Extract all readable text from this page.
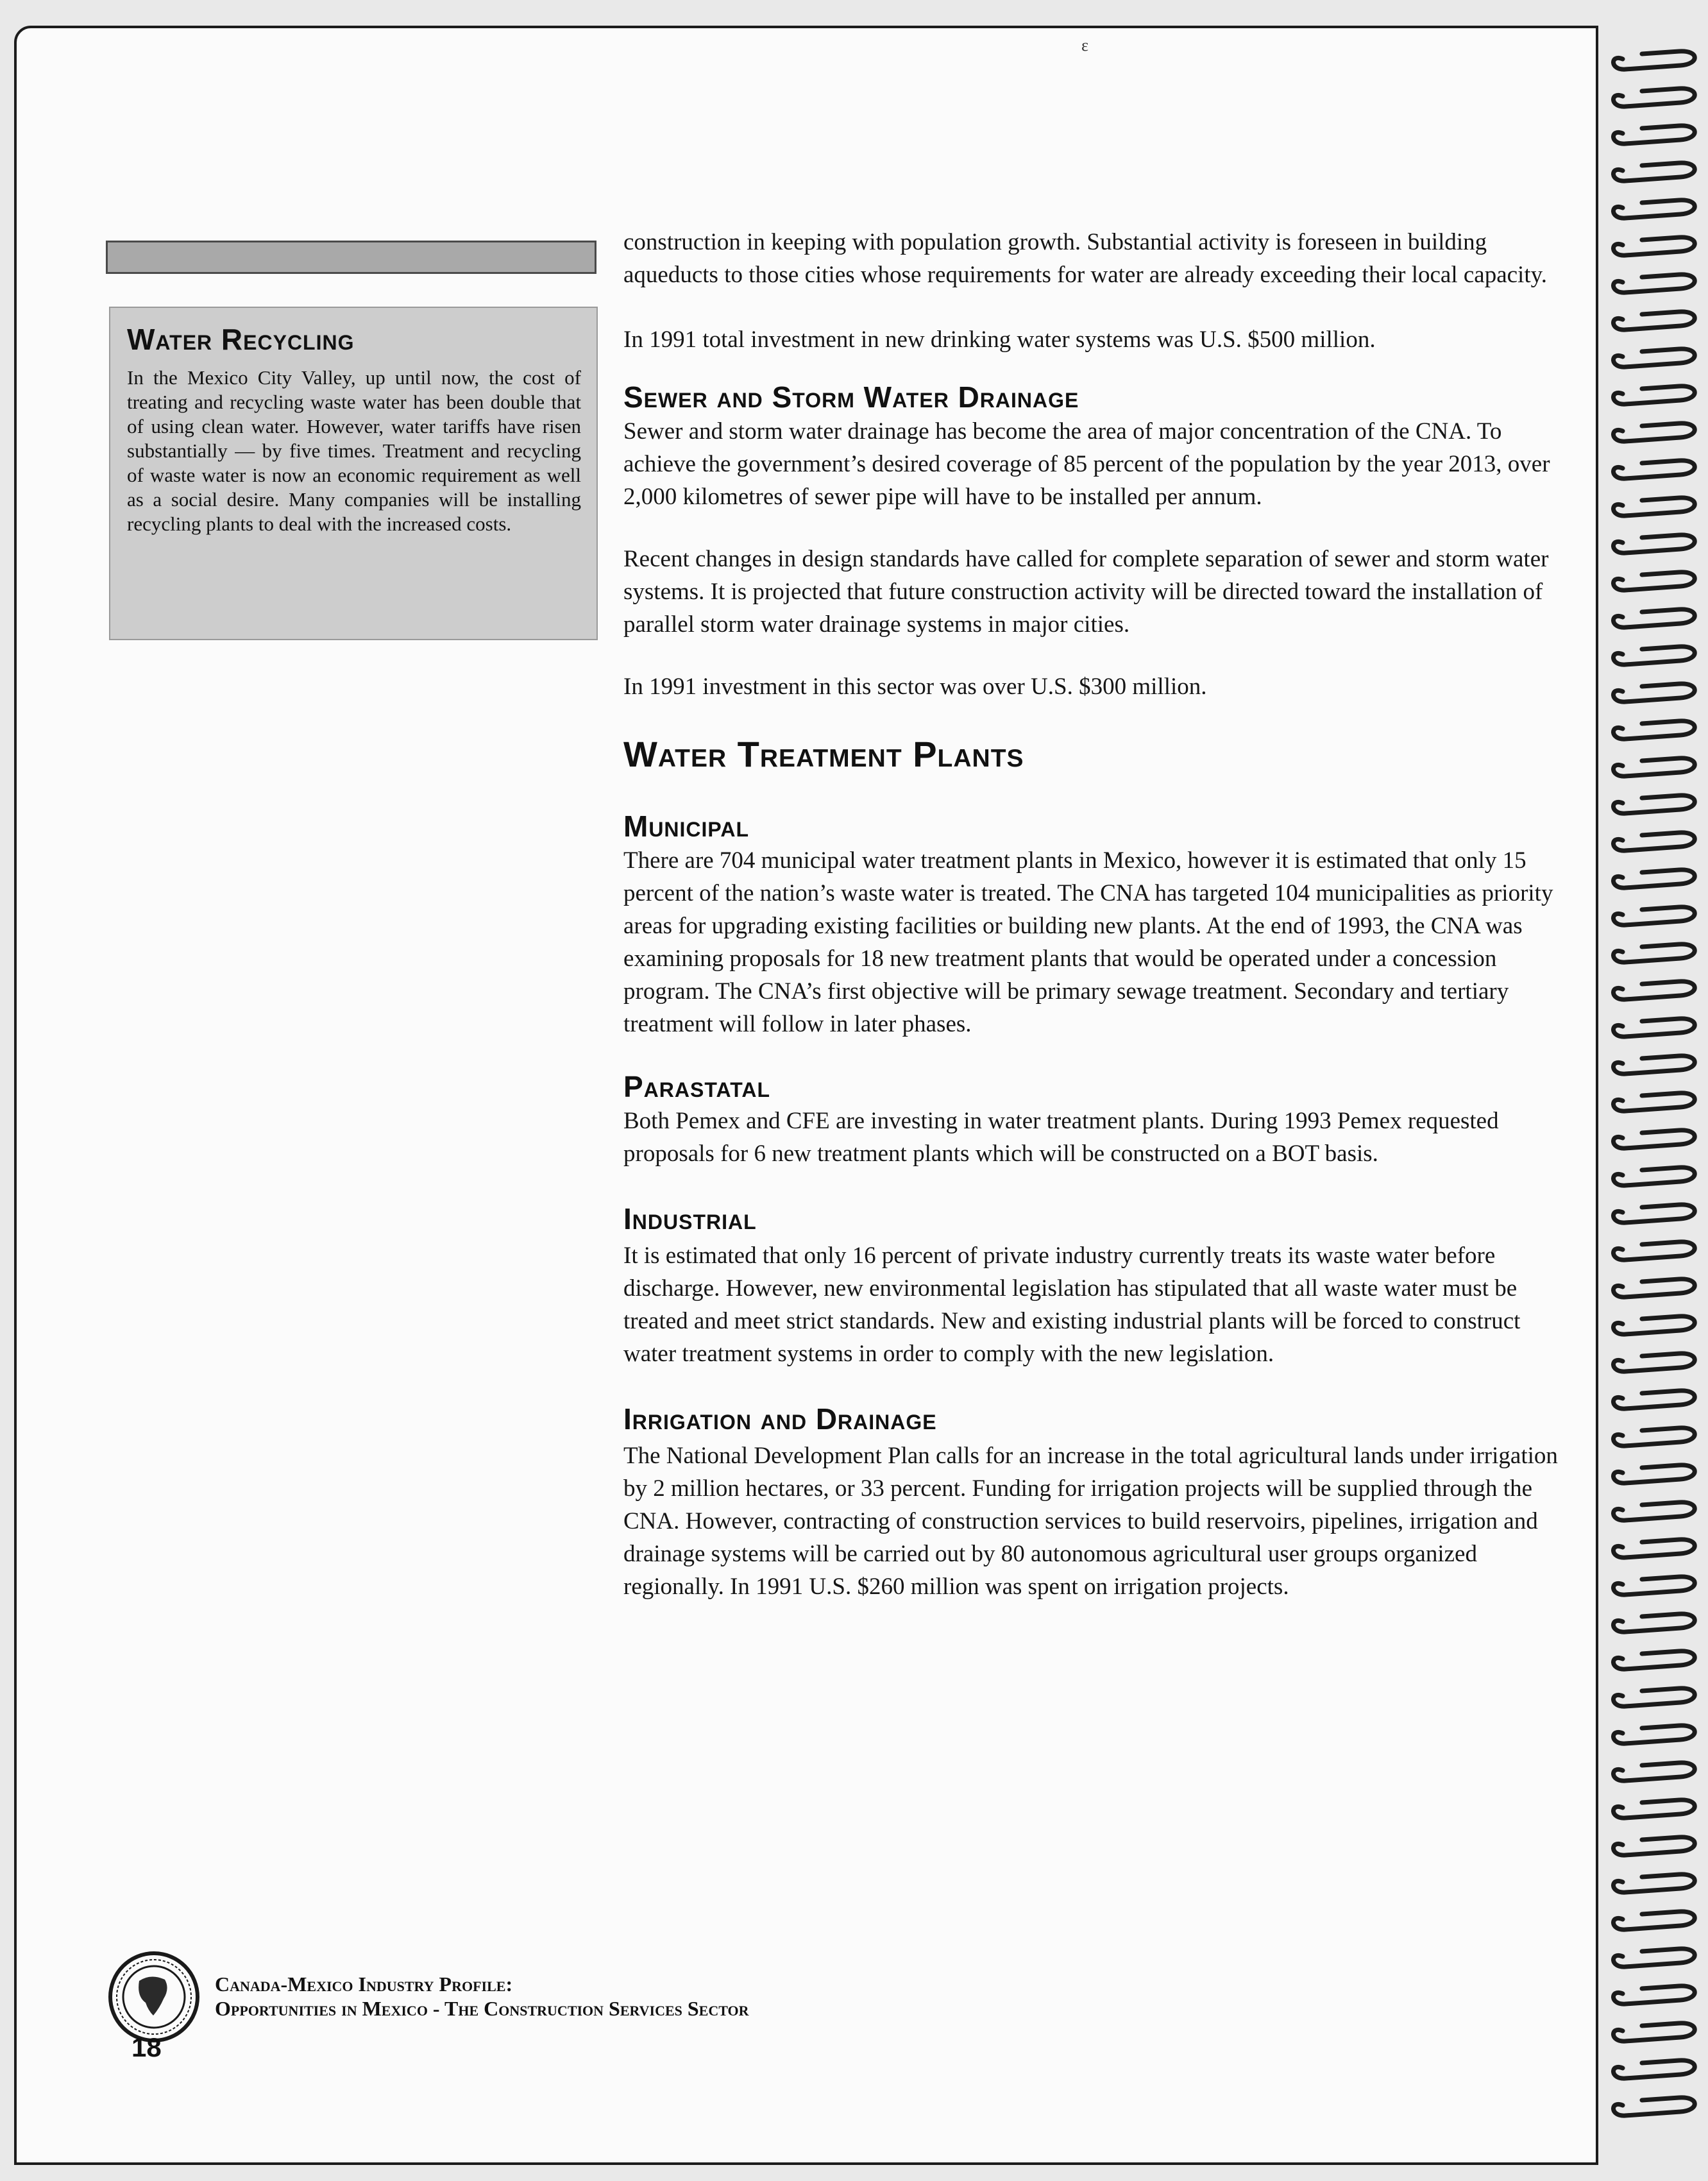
ε
Water Recycling

In the Mexico City Valley, up until now, the cost of treating and recycling waste water has been double that of using clean water. However, water tariffs have risen substantially — by five times. Treatment and recycling of waste water is now an economic requirement as well as a social desire. Many companies will be installing recycling plants to deal with the increased costs.

construction in keeping with population growth. Substantial activity is foreseen in building aqueducts to those cities whose requirements for water are already exceeding their local capacity.

In 1991 total investment in new drinking water systems was U.S. $500 million.

Sewer and Storm Water Drainage

Sewer and storm water drainage has become the area of major concentration of the CNA. To achieve the government’s desired coverage of 85 percent of the population by the year 2013, over 2,000 kilometres of sewer pipe will have to be installed per annum.

Recent changes in design standards have called for complete separation of sewer and storm water systems. It is projected that future construction activity will be directed toward the installation of parallel storm water drainage systems in major cities.

In 1991 investment in this sector was over U.S. $300 million.

Water Treatment Plants
Municipal

There are 704 municipal water treatment plants in Mexico, however it is estimated that only 15 percent of the nation’s waste water is treated. The CNA has targeted 104 municipalities as priority areas for upgrading existing facilities or building new plants. At the end of 1993, the CNA was examining proposals for 18 new treatment plants that would be operated under a concession program. The CNA’s first objective will be primary sewage treatment. Secondary and tertiary treatment will follow in later phases.

Parastatal

Both Pemex and CFE are investing in water treatment plants. During 1993 Pemex requested proposals for 6 new treatment plants which will be constructed on a BOT basis.

Industrial

It is estimated that only 16 percent of private industry currently treats its waste water before discharge. However, new environmental legislation has stipulated that all waste water must be treated and meet strict standards. New and existing industrial plants will be forced to construct water treatment systems in order to comply with the new legislation.

Irrigation and Drainage

The National Development Plan calls for an increase in the total agricultural lands under irrigation by 2 million hectares, or 33 percent. Funding for irrigation projects will be supplied through the CNA. However, contracting of construction services to build reservoirs, pipelines, irrigation and drainage systems will be carried out by 80 autonomous agricultural user groups organized regionally. In 1991 U.S. $260 million was spent on irrigation projects.

Canada-Mexico Industry Profile:
Opportunities in Mexico - The Construction Services Sector
18
